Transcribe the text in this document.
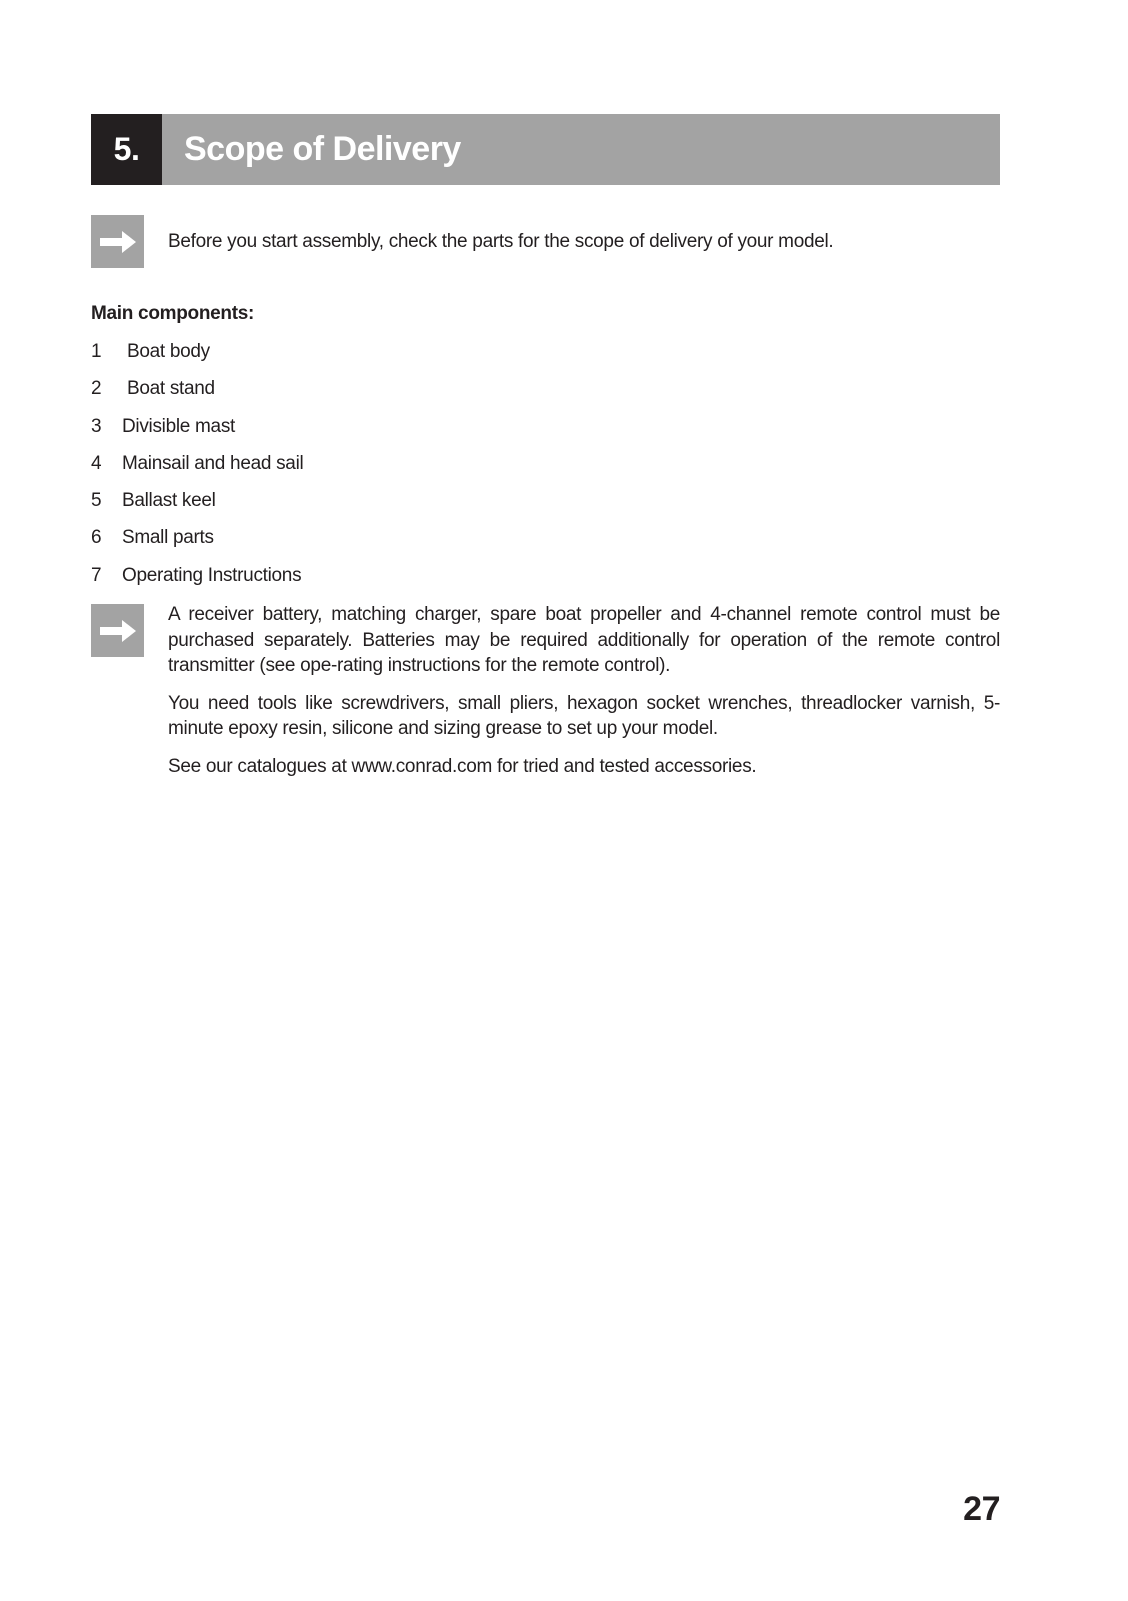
5.	Scope of Delivery
Before you start assembly, check the parts for the scope of delivery of your model.
Main components:
1	Boat body
2	Boat stand
3	Divisible mast
4	Mainsail and head sail
5	Ballast keel
6	Small parts
7	Operating Instructions

A receiver battery, matching charger, spare boat propeller and 4-channel remote control must be purchased separately. Batteries may be required additionally for operation of the remote control transmitter (see ope-rating instructions for the remote control).

You need tools like screwdrivers, small pliers, hexagon socket wrenches, threadlocker varnish, 5-minute epoxy resin, silicone and sizing grease to set up your model.

See our catalogues at www.conrad.com for tried and tested accessories.

27
